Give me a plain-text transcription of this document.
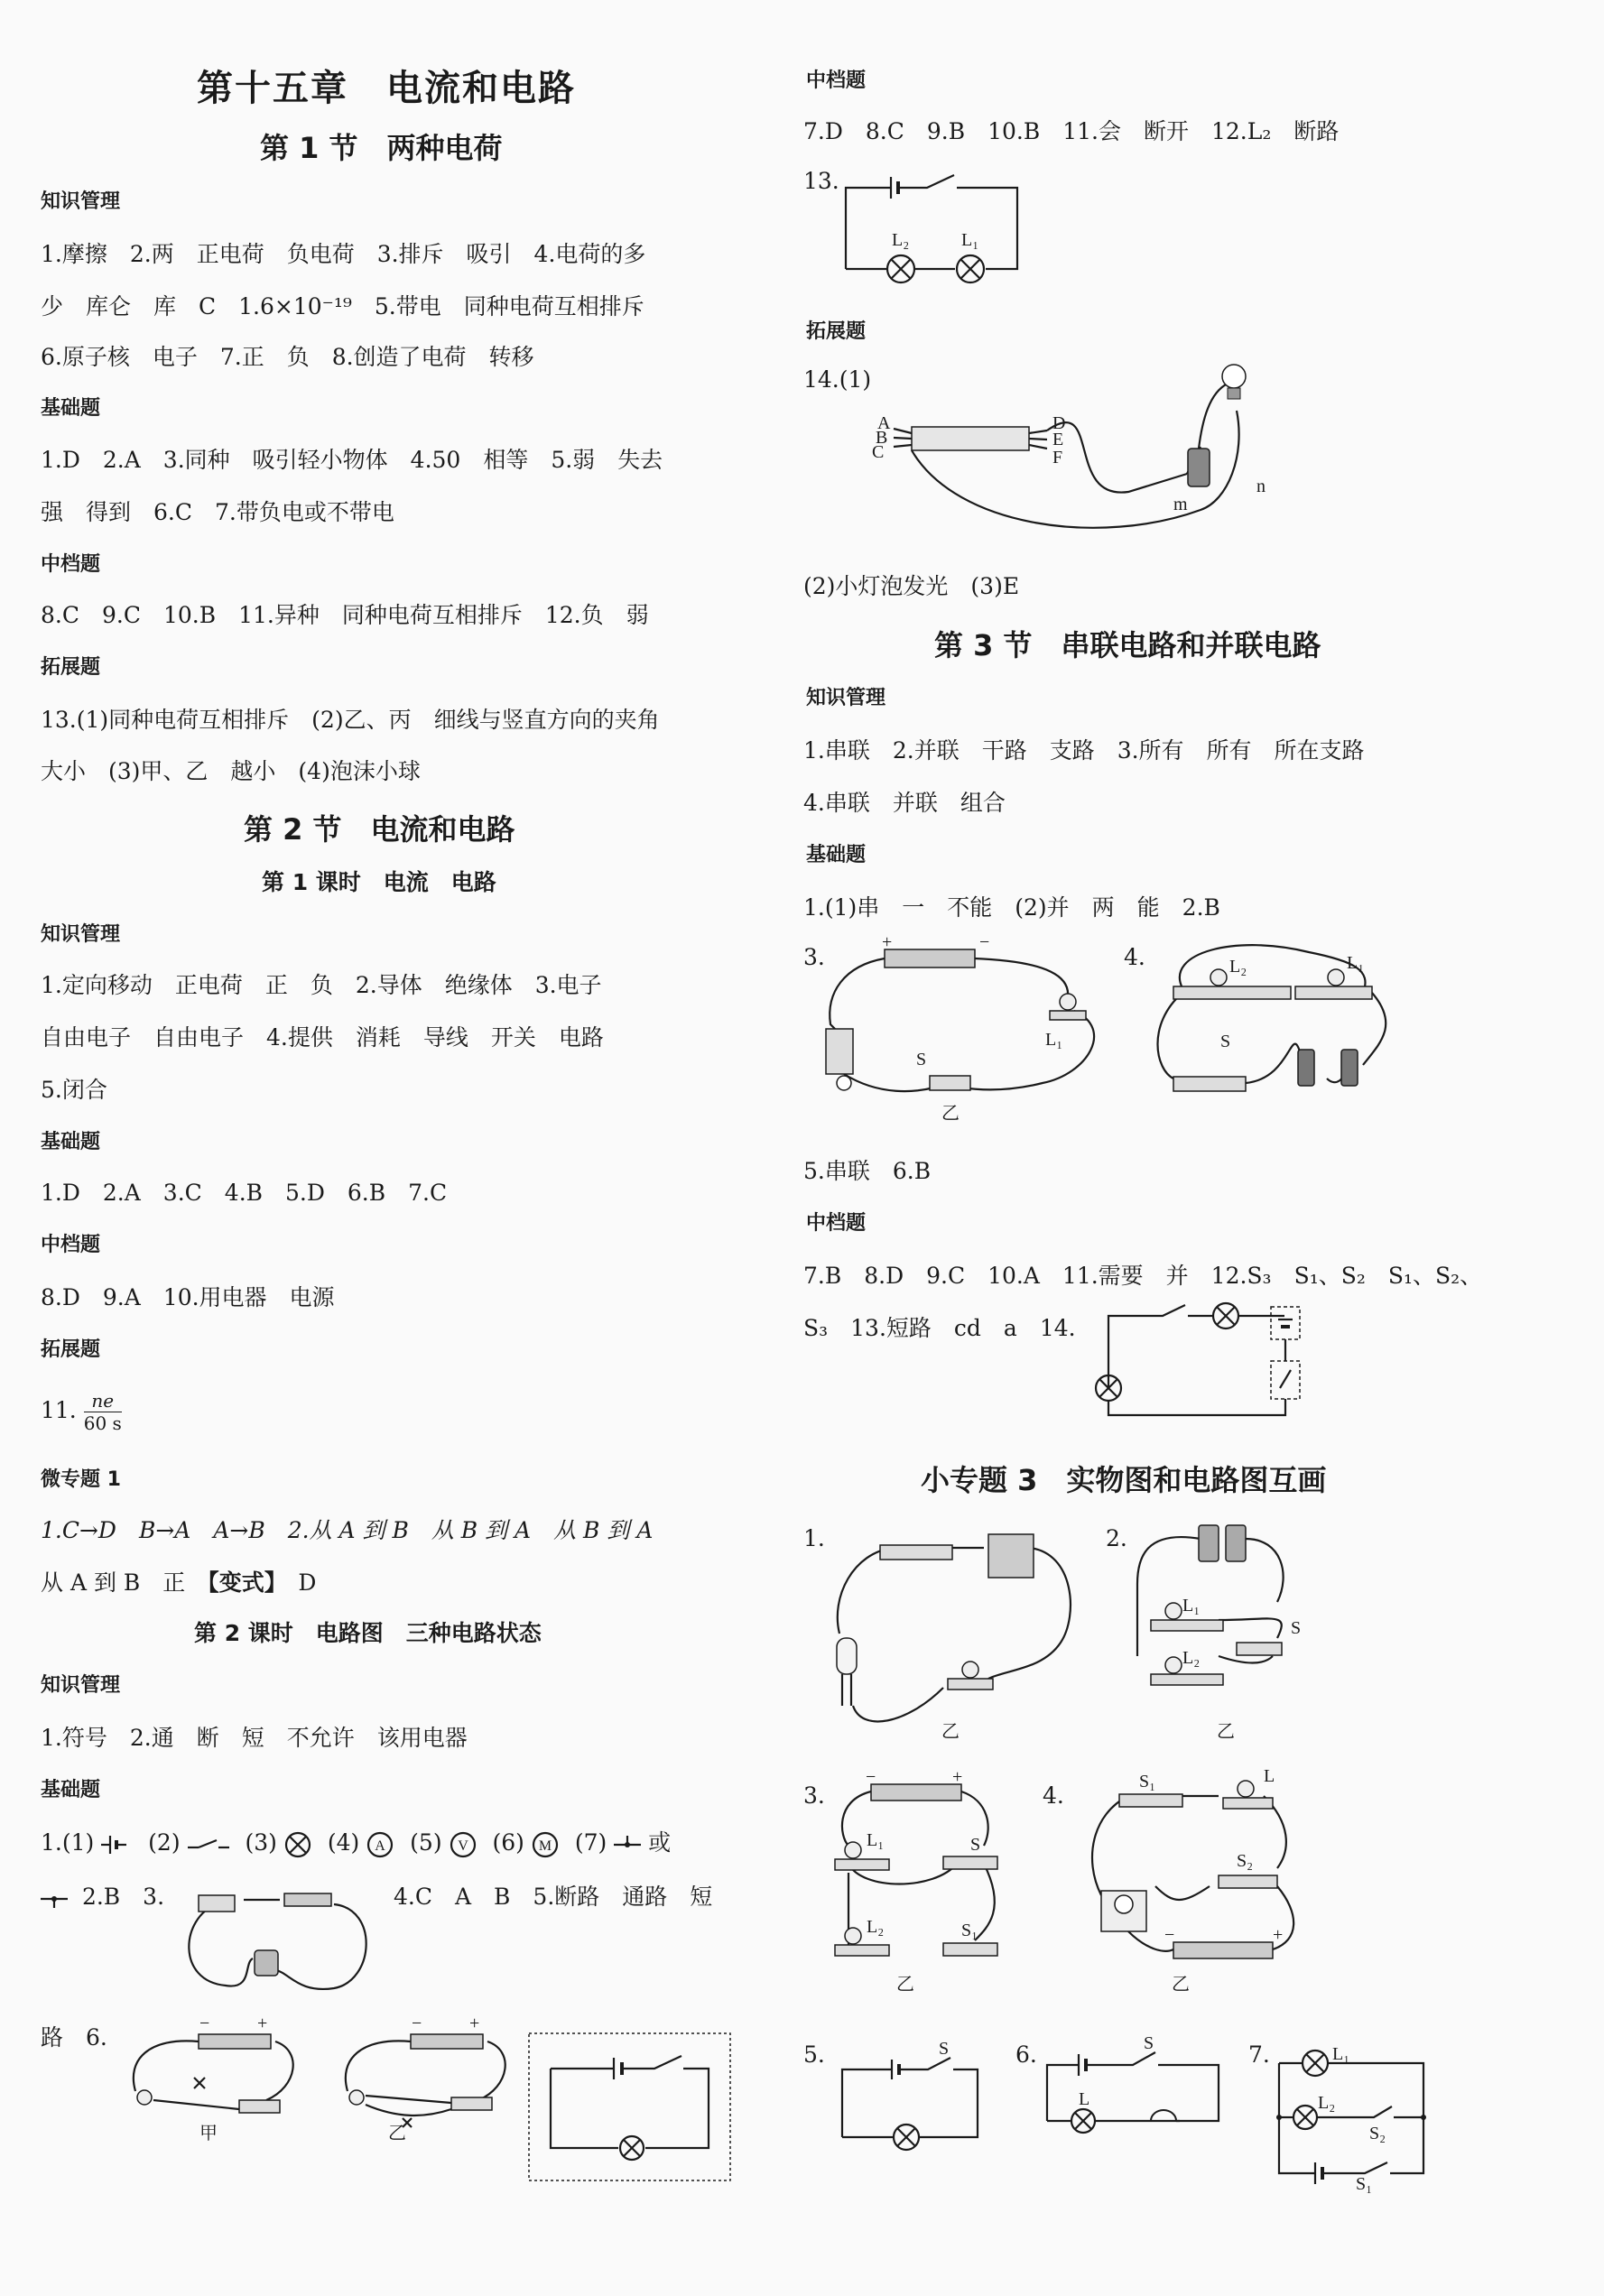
第十五章　电流和电路
第 1 节　两种电荷
知识管理
1.摩擦　2.两　正电荷　负电荷　3.排斥　吸引　4.电荷的多
少　库仑　库　C　1.6×10⁻¹⁹　5.带电　同种电荷互相排斥
6.原子核　电子　7.正　负　8.创造了电荷　转移
基础题
1.D　2.A　3.同种　吸引轻小物体　4.50　相等　5.弱　失去
强　得到　6.C　7.带负电或不带电
中档题
8.C　9.C　10.B　11.异种　同种电荷互相排斥　12.负　弱
拓展题
13.(1)同种电荷互相排斥　(2)乙、丙　细线与竖直方向的夹角
大小　(3)甲、乙　越小　(4)泡沫小球
第 2 节　电流和电路
第 1 课时　电流　电路
知识管理
1.定向移动　正电荷　正　负　2.导体　绝缘体　3.电子
自由电子　自由电子　4.提供　消耗　导线　开关　电路
5.闭合
基础题
1.D　2.A　3.C　4.B　5.D　6.B　7.C
中档题
8.D　9.A　10.用电器　电源
拓展题
11. $\frac{ne}{60 s}$
微专题 1
1.C→D　B→A　A→B　2.从 A 到 B　从 B 到 A　从 B 到 A
从 A 到 B　正　【变式】　 D
第 2 课时　电路图　三种电路状态
知识管理
1.符号　2.通　断　短　不允许　该用电器
基础题
1.(1) (2)	(3) (4) A (5) V (6) M (7) 或
2.B　3.	4.C　A　B　5.断路　通路　短
路　6.
−	+
甲
−	+
乙
中档题
7.D　8.C　9.B　10.B　11.会　断开　12.L₂　断路
13.
L₂	L₁
拓展题
14.(1)
A
B
C
D
E
F
m
n
(2)小灯泡发光　(3)E
第 3 节　串联电路和并联电路
知识管理
1.串联　2.并联　干路　支路　3.所有　所有　所在支路
4.串联　并联　组合
基础题
1.(1)串　一　不能　(2)并　两　能　2.B
3.
+	−
S
L₁
乙
4.	L₂	L₁
S
5.串联　6.B
中档题
7.B　8.D　9.C　10.A　11.需要　并　12.S₃　S₁、S₂　S₁、S₂、
S₃　13.短路　cd　a　14.
小专题 3　实物图和电路图互画
1.
乙
2.
L₁
L₂
S
乙
3.
−	+
L₁	S
L₂	S₁
乙
4.
−	+
S₁	L
S₂
乙
5.	S	6.	S
L
7.	L₁
L₂
S₂
S₁
